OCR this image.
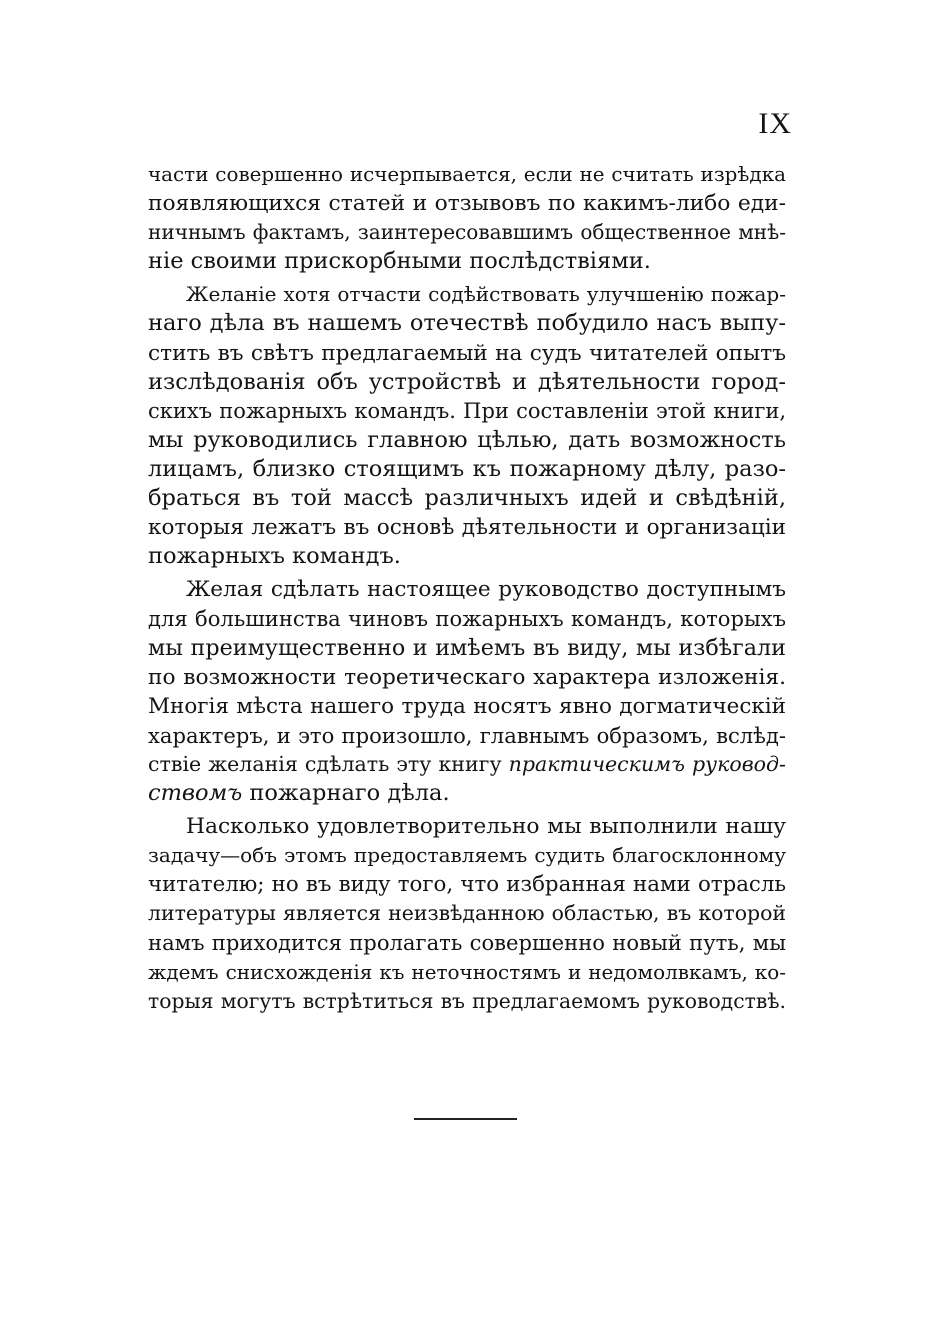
IX
части совершенно исчерпывается, если не считать изрѣдка
появляющихся статей и отзывовъ по какимъ-либо еди-
ничнымъ фактамъ, заинтересовавшимъ общественное мнѣ-
ніе своими прискорбными послѣдствіями.
Желаніе хотя отчасти содѣйствовать улучшенію пожар-
наго дѣла въ нашемъ отечествѣ побудило насъ выпу-
стить въ свѣтъ предлагаемый на судъ читателей опытъ
изслѣдованія объ устройствѣ и дѣятельности город-
скихъ пожарныхъ командъ. При составленіи этой книги,
мы руководились главною цѣлью, дать возможность
лицамъ, близко стоящимъ къ пожарному дѣлу, разо-
браться въ той массѣ различныхъ идей и свѣдѣній,
которыя лежатъ въ основѣ дѣятельности и организаціи
пожарныхъ командъ.
Желая сдѣлать настоящее руководство доступнымъ
для большинства чиновъ пожарныхъ командъ, которыхъ
мы преимущественно и имѣемъ въ виду, мы избѣгали
по возможности теоретическаго характера изложенія.
Многія мѣста нашего труда носятъ явно догматическій
характеръ, и это произошло, главнымъ образомъ, вслѣд-
ствіе желанія сдѣлать эту книгу практическимъ руковод-
ствомъ пожарнаго дѣла.
Насколько удовлетворительно мы выполнили нашу
задачу—объ этомъ предоставляемъ судить благосклонному
читателю; но въ виду того, что избранная нами отрасль
литературы является неизвѣданною областью, въ которой
намъ приходится пролагать совершенно новый путь, мы
ждемъ снисхожденія къ неточностямъ и недомолвкамъ, ко-
торыя могутъ встрѣтиться въ предлагаемомъ руководствѣ.
